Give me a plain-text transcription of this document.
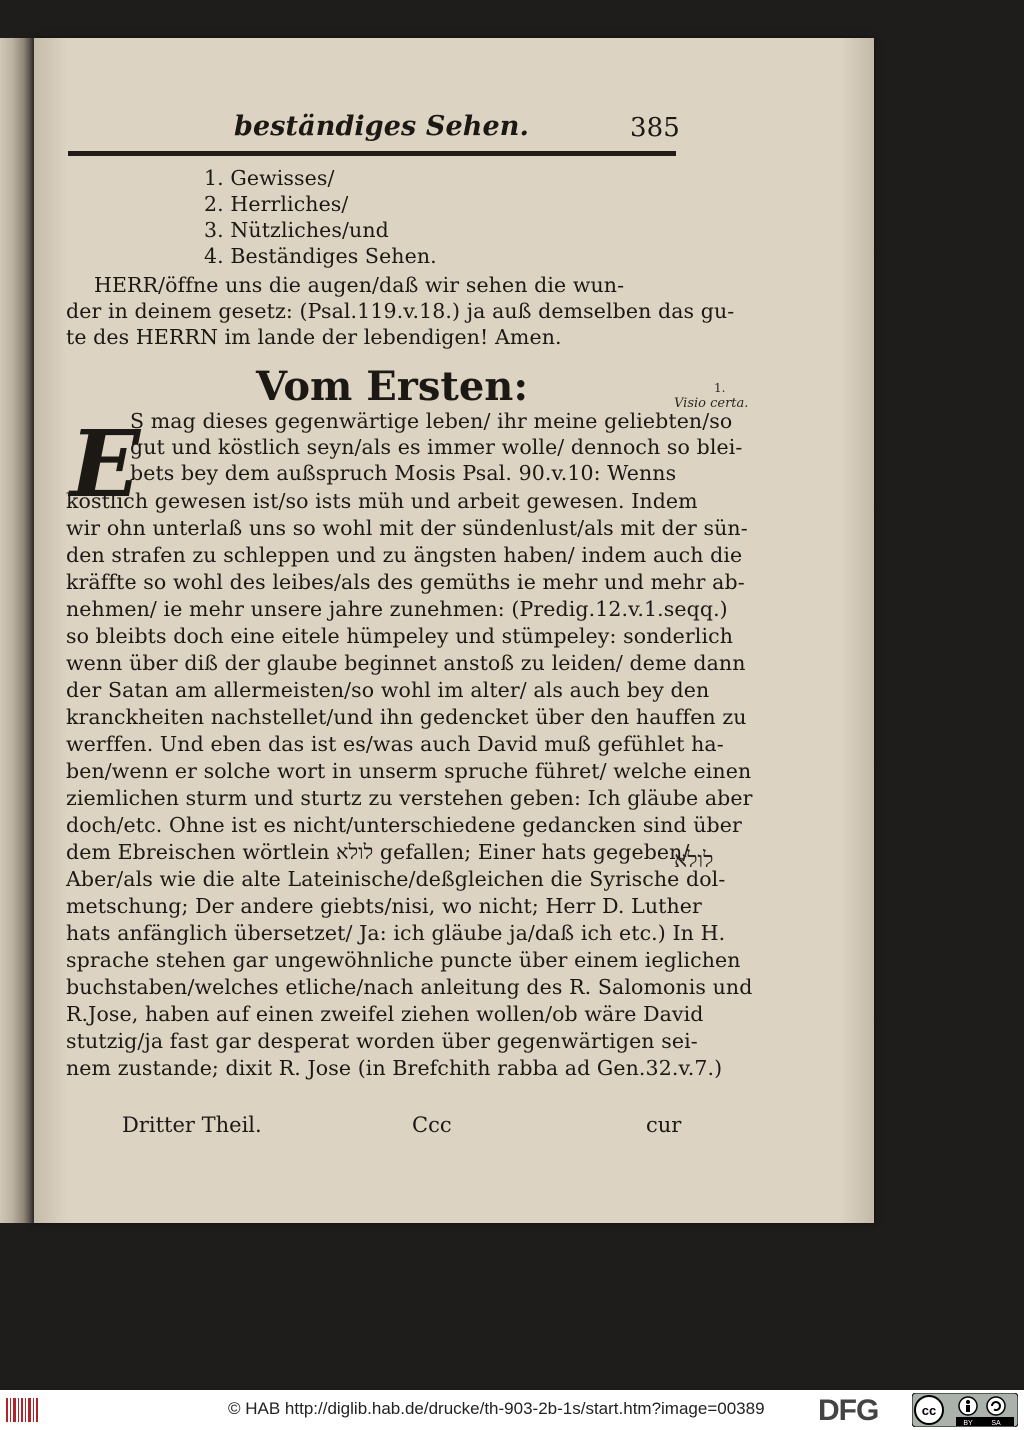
beständiges Sehen.	385
1. Gewisses/
2. Herrliches/
3. Nützliches/und
4. Beständiges Sehen.
HERR/öffne uns die augen/daß wir sehen die wun-
der in deinem gesetz: (Psal.119.v.18.) ja auß demselben das gu-
te des HERRN im lande der lebendigen! Amen.
Vom Ersten:	1.
Visio certa.
E
S mag dieses gegenwärtige leben/ ihr meine geliebten/so
gut und köstlich seyn/als es immer wolle/ dennoch so blei-
bets bey dem außspruch Mosis Psal. 90.v.10: Wenns
köstlich gewesen ist/so ists müh und arbeit gewesen. Indem
wir ohn unterlaß uns so wohl mit der sündenlust/als mit der sün-
den strafen zu schleppen und zu ängsten haben/ indem auch die
kräffte so wohl des leibes/als des gemüths ie mehr und mehr ab-
nehmen/ ie mehr unsere jahre zunehmen: (Predig.12.v.1.seqq.)
so bleibts doch eine eitele hümpeley und stümpeley: sonderlich
wenn über diß der glaube beginnet anstoß zu leiden/ deme dann
der Satan am allermeisten/so wohl im alter/ als auch bey den
kranckheiten nachstellet/und ihn gedencket über den hauffen zu
werffen. Und eben das ist es/was auch David muß gefühlet ha-
ben/wenn er solche wort in unserm spruche führet/ welche einen
ziemlichen sturm und sturtz zu verstehen geben: Ich gläube aber
doch/etc. Ohne ist es nicht/unterschiedene gedancken sind über
dem Ebreischen wörtlein לולא gefallen; Einer hats gegeben/
Aber/als wie die alte Lateinische/deßgleichen die Syrische dol-
metschung; Der andere giebts/nisi, wo nicht; Herr D. Luther
hats anfänglich übersetzet/ Ja: ich gläube ja/daß ich etc.) In H.
sprache stehen gar ungewöhnliche puncte über einem ieglichen
buchstaben/welches etliche/nach anleitung des R. Salomonis und
R.Jose, haben auf einen zweifel ziehen wollen/ob wäre David
stutzig/ja fast gar desperat worden über gegenwärtigen sei-
nem zustande; dixit R. Jose (in Brefchith rabba ad Gen.32.v.7.)
לולא
Dritter Theil.	Ccc	cur
© HAB http://diglib.hab.de/drucke/th-903-2b-1s/start.htm?image=00389 DFG	cc
BY	SA
